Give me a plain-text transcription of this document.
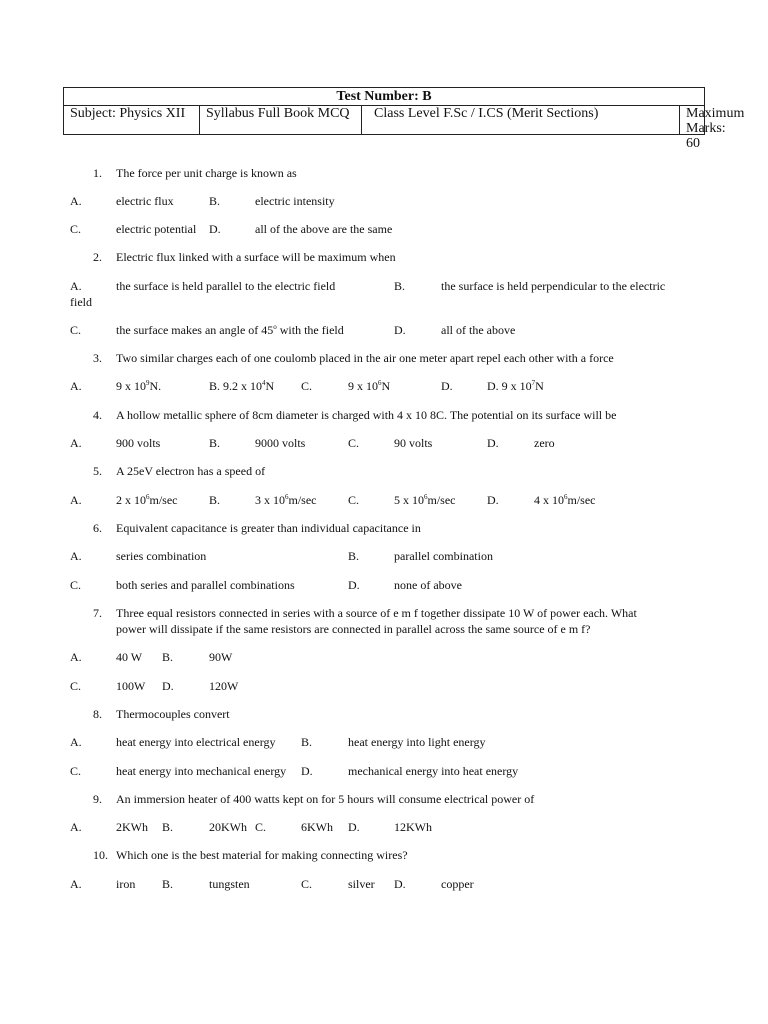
Test Number: B
Subject: Physics XII	Syllabus Full Book MCQ	Class Level F.Sc / I.CS (Merit Sections)	Maximum
Marks: 60
1. The force per unit charge is known as
A.	electric flux	B.	electric intensity
C.	electric potential D.	all of the above are the same
2. Electric flux linked with a surface will be maximum when
A.	the surface is held parallel to the electric field	B.	the surface is held perpendicular to the electric
field
C.	the surface makes an angle of 45$^o$ with the field	D.	all of the above
3. Two similar charges each of one coulomb placed in the air one meter apart repel each other with a force
A.	9 x $10^9N$.	B. 9.2 x $10^4N$ C.	9 x $10^6N$	D.	D. 9 x $10^7N$
4. A hollow metallic sphere of 8cm diameter is charged with 4 x 10 8C. The potential on its surface will be
A.	900 volts	B.	9000 volts	C.	90 volts	D.	zero
5. A 25eV electron has a speed of
A.	2 x $10^6m/\sec$	B.	3 x $10^6m/\sec$	C.	5 x $10^6m/\sec$	D.	4 x $10^6m/\sec$
6. Equivalent capacitance is greater than individual capacitance in
A.	series combination	B.	parallel combination
C.	both series and parallel combinations	D.	none of above
7. Three equal resistors connected in series with a source of e m f together dissipate 10 W of power each. What
power will dissipate if the same resistors are connected in parallel across the same source of e m f?
A.	40 W B.	90W
C.	100W D.	120W
8. Thermocouples convert
A.	heat energy into electrical energy B.	heat energy into light energy
C.	heat energy into mechanical energy D.	mechanical energy into heat energy
9. An immersion heater of 400 watts kept on for 5 hours will consume electrical power of
A.	2KWh B.	20KWh C.	6KWh D.	12KWh
10. Which one is the best material for making connecting wires?
A.	iron B.	tungsten	C.	silver D.	copper
